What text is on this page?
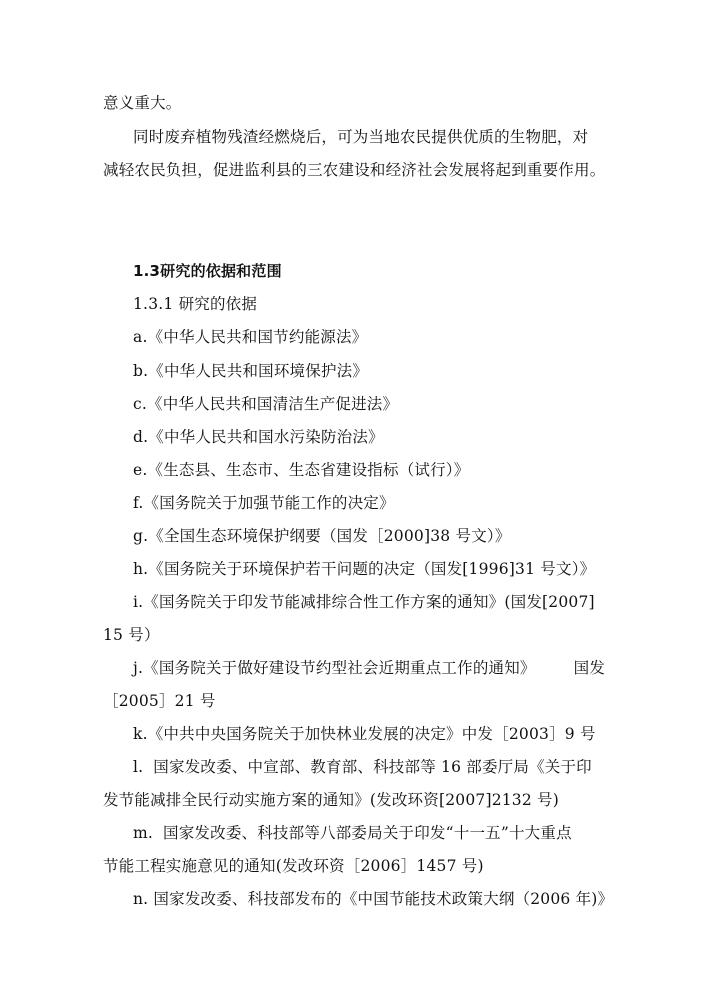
意义重大。
同时废弃植物残渣经燃烧后，可为当地农民提供优质的生物肥，对
减轻农民负担，促进监利县的三农建设和经济社会发展将起到重要作用。
1.3研究的依据和范围
1.3.1 研究的依据
a.《中华人民共和国节约能源法》
b.《中华人民共和国环境保护法》
c.《中华人民共和国清洁生产促进法》
d.《中华人民共和国水污染防治法》
e.《生态县、生态市、生态省建设指标（试行）》
f.《国务院关于加强节能工作的决定》
g.《全国生态环境保护纲要（国发［2000]38 号文）》
h.《国务院关于环境保护若干问题的决定（国发[1996]31 号文）》
i.《国务院关于印发节能减排综合性工作方案的通知》(国发[2007]
15 号）
j.《国务院关于做好建设节约型社会近期重点工作的通知》 国发
［2005］21 号
k.《中共中央国务院关于加快林业发展的决定》中发［2003］9 号
l. 国家发改委、中宣部、教育部、科技部等 16 部委厅局《关于印
发节能减排全民行动实施方案的通知》(发改环资[2007]2132 号)
m. 国家发改委、科技部等八部委局关于印发“十一五”十大重点
节能工程实施意见的通知(发改环资［2006］1457 号)
n. 国家发改委、科技部发布的《中国节能技术政策大纲（2006 年)》
